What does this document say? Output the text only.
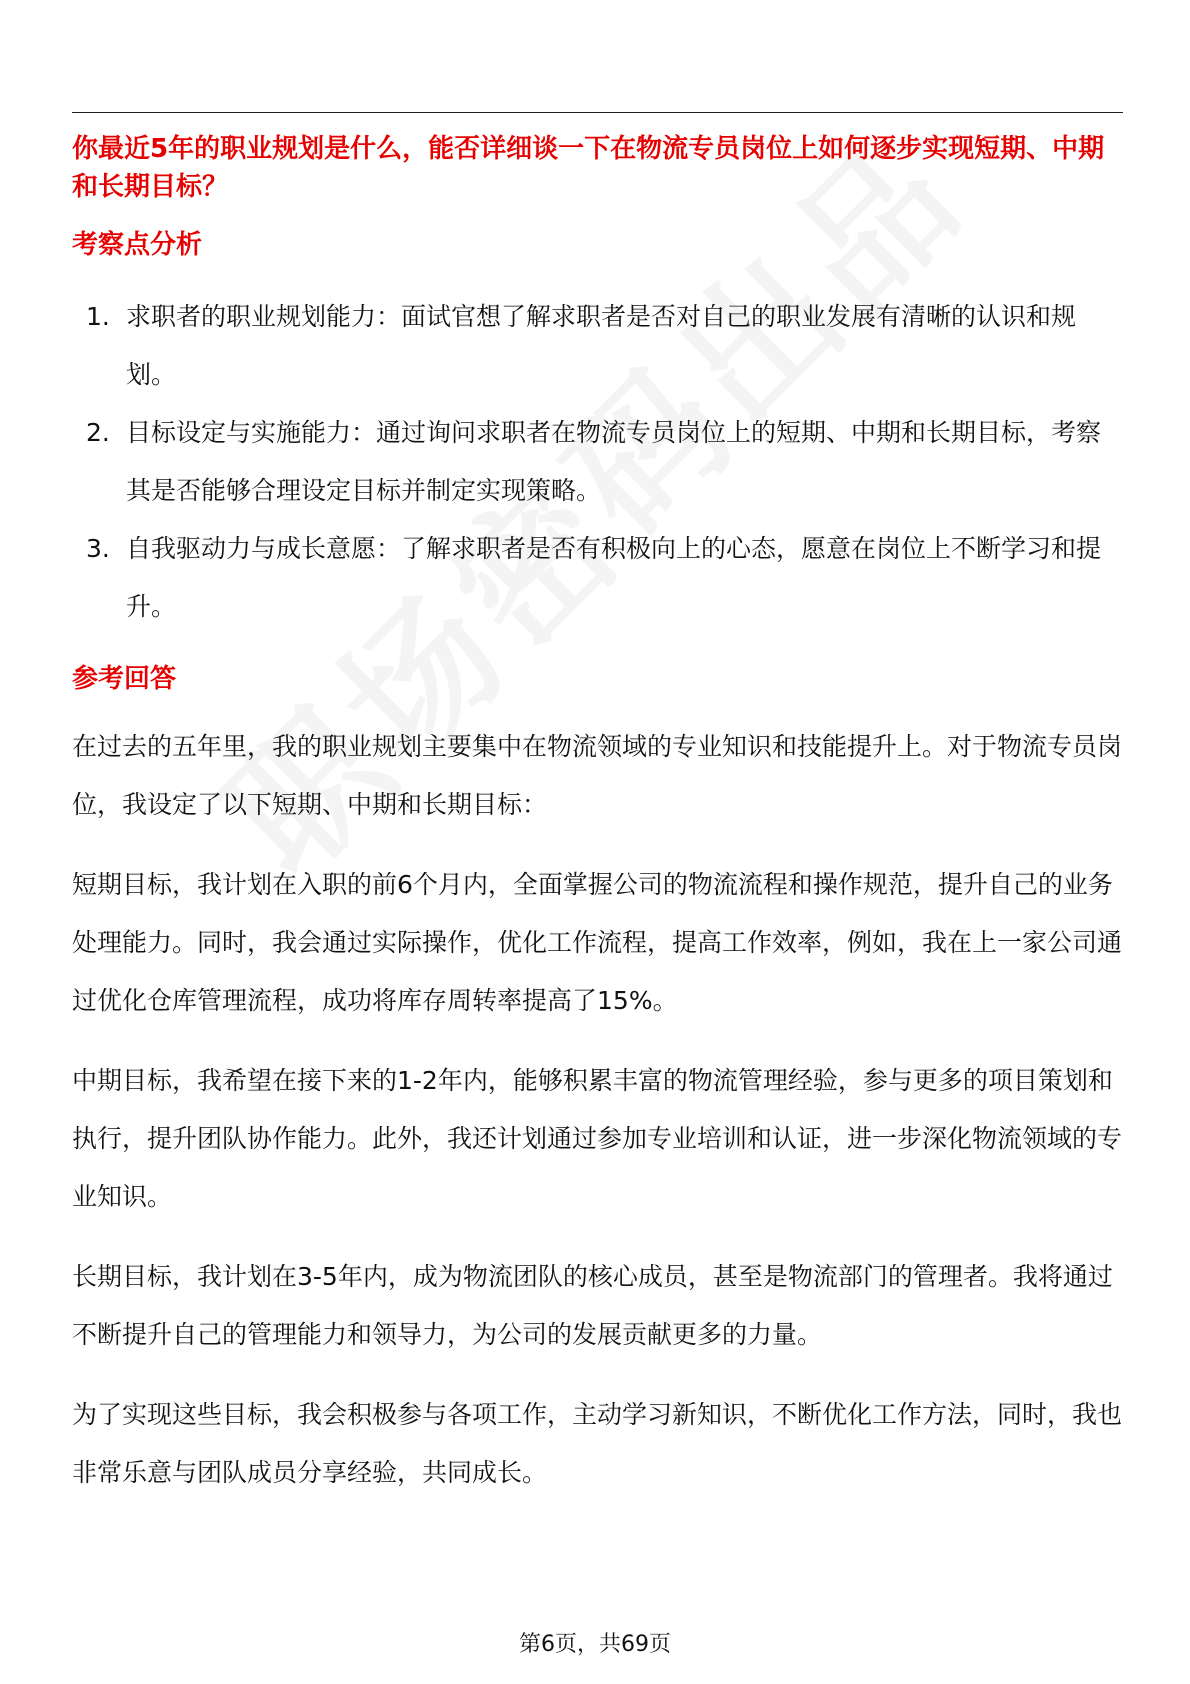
你最近5年的职业规划是什么，能否详细谈一下在物流专员岗位上如何逐步实现短期、中期和长期目标？

考察点分析

1. 求职者的职业规划能力：面试官想了解求职者是否对自己的职业发展有清晰的认识和规划。
2. 目标设定与实施能力：通过询问求职者在物流专员岗位上的短期、中期和长期目标，考察其是否能够合理设定目标并制定实现策略。
3. 自我驱动力与成长意愿：了解求职者是否有积极向上的心态，愿意在岗位上不断学习和提升。

参考回答

在过去的五年里，我的职业规划主要集中在物流领域的专业知识和技能提升上。对于物流专员岗位，我设定了以下短期、中期和长期目标：

短期目标，我计划在入职的前6个月内，全面掌握公司的物流流程和操作规范，提升自己的业务处理能力。同时，我会通过实际操作，优化工作流程，提高工作效率，例如，我在上一家公司通过优化仓库管理流程，成功将库存周转率提高了15%。

中期目标，我希望在接下来的1-2年内，能够积累丰富的物流管理经验，参与更多的项目策划和执行，提升团队协作能力。此外，我还计划通过参加专业培训和认证，进一步深化物流领域的专业知识。

长期目标，我计划在3-5年内，成为物流团队的核心成员，甚至是物流部门的管理者。我将通过不断提升自己的管理能力和领导力，为公司的发展贡献更多的力量。

为了实现这些目标，我会积极参与各项工作，主动学习新知识，不断优化工作方法，同时，我也非常乐意与团队成员分享经验，共同成长。

第6页，共69页
